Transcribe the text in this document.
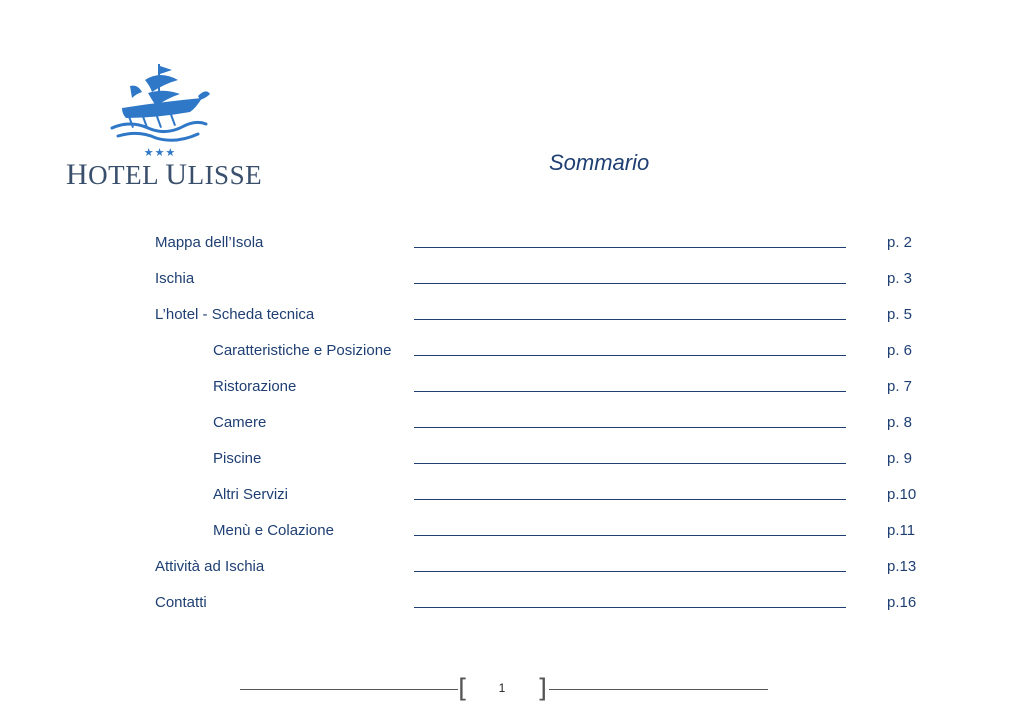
★★★
HOTEL ULISSE	Sommario
Mappa dell’Isola	p. 2
Ischia	p. 3
L’hotel - Scheda tecnica	p. 5
Caratteristiche e Posizione	p. 6
Ristorazione	p. 7
Camere	p. 8
Piscine	p. 9
Altri Servizi	p.10
Menù e Colazione	p.11
Attività ad Ischia	p.13
Contatti	p.16
[	1	]
